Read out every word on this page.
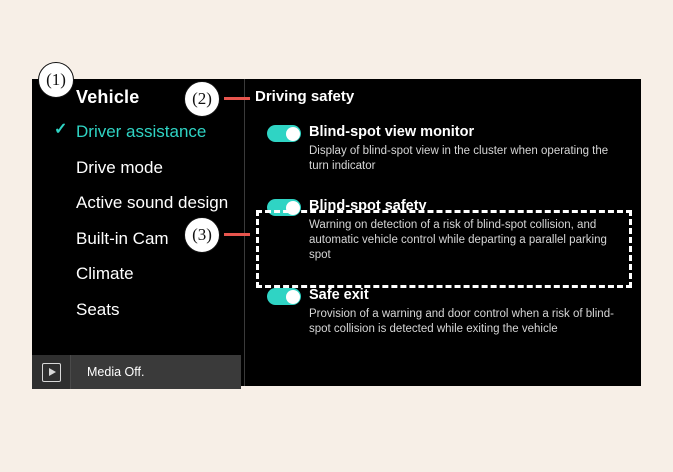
Vehicle
✓ Driver assistance
Drive mode
Active sound design
Built-in Cam
Climate
Seats
Blind-spot view monitor
Display of blind-spot view in the cluster when operating the turn indicator
Blind-spot safety
Warning on detection of a risk of blind-spot collision, and automatic vehicle control while departing a parallel parking spot
Safe exit
Provision of a warning and door control when a risk of blind-spot collision is detected while exiting the vehicle
Driving safety
Media Off.
(1)
(2)
(3)
